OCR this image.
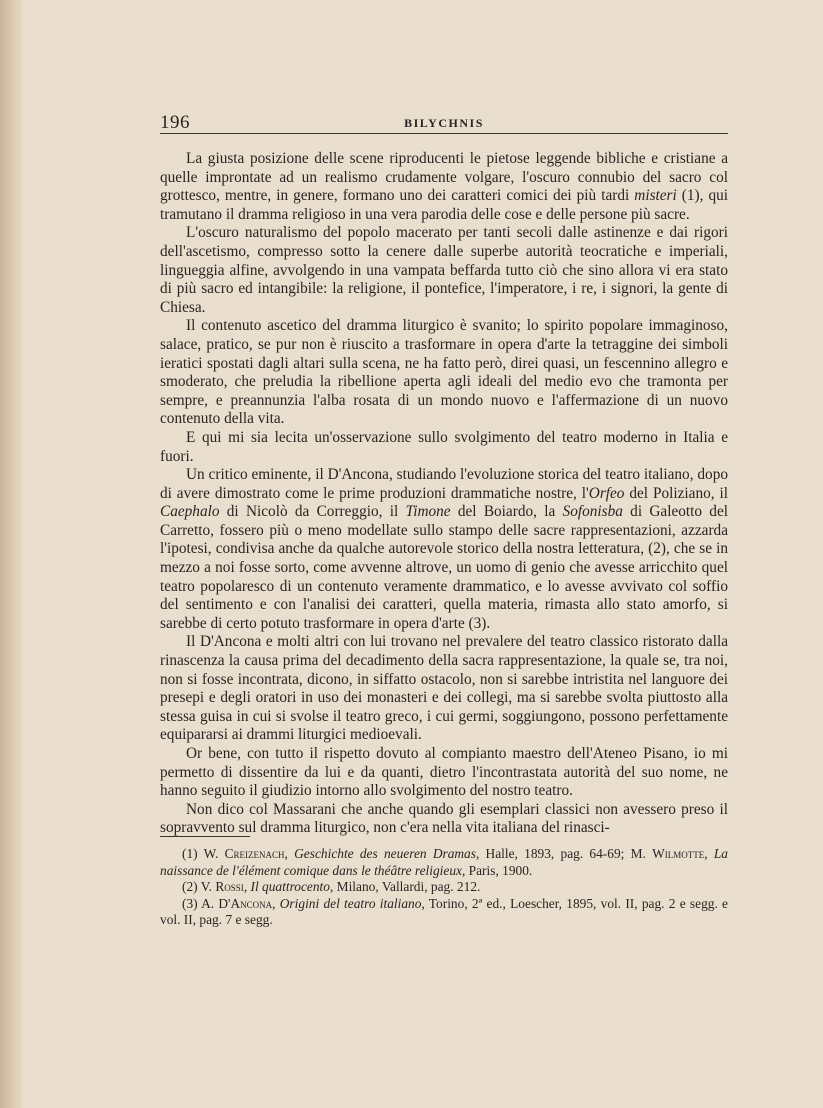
196	BILYCHNIS

La giusta posizione delle scene riproducenti le pietose leggende bibliche e cristiane a quelle improntate ad un realismo crudamente volgare, l'oscuro connubio del sacro col grottesco, mentre, in genere, formano uno dei caratteri comici dei più tardi misteri (1), qui tramutano il dramma religioso in una vera parodia delle cose e delle persone più sacre.

L'oscuro naturalismo del popolo macerato per tanti secoli dalle astinenze e dai rigori dell'ascetismo, compresso sotto la cenere dalle superbe autorità teocratiche e imperiali, linguеggia alfine, avvolgendo in una vampata beffarda tutto ciò che sino allora vi era stato di più sacro ed intangibile: la religione, il pontefice, l'imperatore, i re, i signori, la gente di Chiesa.

Il contenuto ascetico del dramma liturgico è svanito; lo spirito popolare immaginoso, salace, pratico, se pur non è riuscito a trasformare in opera d'arte la tetraggine dei simboli ieratici spostati dagli altari sulla scena, ne ha fatto però, direi quasi, un fescennino allegro e smoderato, che preludia la ribellione aperta agli ideali del medio evo che tramonta per sempre, e preannunzia l'alba rosata di un mondo nuovo e l'affermazione di un nuovo contenuto della vita.

E qui mi sia lecita un'osservazione sullo svolgimento del teatro moderno in Italia e fuori.

Un critico eminente, il D'Ancona, studiando l'evoluzione storica del teatro italiano, dopo di avere dimostrato come le prime produzioni drammatiche nostre, l'Orfeo del Poliziano, il Caephalo di Nicolò da Correggio, il Timone del Boiardo, la Sofonisba di Galeotto del Carretto, fossero più o meno modellate sullo stampo delle sacre rappresentazioni, azzarda l'ipotesi, condivisa anche da qualche autorevole storico della nostra letteratura, (2), che se in mezzo a noi fosse sorto, come avvenne altrove, un uomo di genio che avesse arricchito quel teatro popolaresco di un contenuto veramente drammatico, e lo avesse avvivato col soffio del sentimento e con l'analisi dei caratteri, quella materia, rimasta allo stato amorfo, si sarebbe di certo potuto trasformare in opera d'arte (3).

Il D'Ancona e molti altri con lui trovano nel prevalere del teatro classico ristorato dalla rinascenza la causa prima del decadimento della sacra rappresentazione, la quale se, tra noi, non si fosse incontrata, dicono, in siffatto ostacolo, non si sarebbe intristita nel languore dei presepi e degli oratori in uso dei monasteri e dei collegi, ma si sarebbe svolta piuttosto alla stessa guisa in cui si svolse il teatro greco, i cui germi, soggiungono, possono perfettamente equipararsi ai drammi liturgici medioevali.

Or bene, con tutto il rispetto dovuto al compianto maestro dell'Ateneo Pisano, io mi permetto di dissentire da lui e da quanti, dietro l'incontrastata autorità del suo nome, ne hanno seguito il giudizio intorno allo svolgimento del nostro teatro.

Non dico col Massarani che anche quando gli esemplari classici non avessero preso il sopravvento sul dramma liturgico, non c'era nella vita italiana del rinasci-

(1) W. Creizenach, Geschichte des neueren Dramas, Halle, 1893, pag. 64-69; M. Wilmotte, La naissance de l'élément comique dans le théâtre religieux, Paris, 1900.

(2) V. Rossi, Il quattrocento, Milano, Vallardi, pag. 212.

(3) A. D'Ancona, Origini del teatro italiano, Torino, 2ª ed., Loescher, 1895, vol. II, pag. 2 e segg. e vol. II, pag. 7 e segg.
